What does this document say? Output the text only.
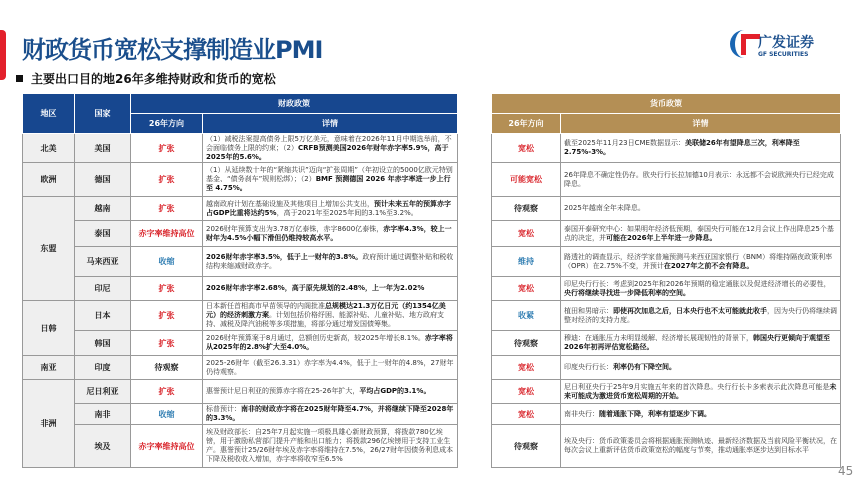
财政货币宽松支撑制造业PMI	广发证券
GF SECURITIES
主要出口目的地26年多维持财政和货币的宽松
地区	国家	财政政策	
		26年方向	详情
北美	美国	扩张	（1）减税法案提高债务上限5万亿美元，意味着在2026年11月中期选举前，不会面临债务上限的约束；（2）CRFB预测美国2026年财年赤字率5.9%，高于 2025年的5.6%。
欧洲	德国	扩张	（1）从延续数十年的“紧缩共识”迈向“扩张周期”（年初设立的5000亿欧元特别基金、“债务刹车”规则松绑）；（2）BMF 预测德国 2026 年赤字率进一步上行至 4.75%。
东盟	越南	扩张	越南政府计划在基础设施及其他项目上增加公共支出，预计未来五年的预算赤字占GDP比重将达约5%，高于2021年至2025年间的3.1%至3.2%。
	泰国	赤字率维持高位	2026财年预算支出为3.78万亿泰铢，赤字8600亿泰铢，赤字率4.3%，较上一财年为4.5%小幅下滑但仍维持较高水平。
	马来西亚	收缩	2026财年赤字率3.5%，低于上一财年的3.8%。政府预计通过调整补贴和税收结构来缩减财政赤字。
	印尼	扩张	2026财年赤字率2.68%，高于原先规划的2.48%，上一年为2.02%
日韩	日本	扩张	日本新任首相高市早苗领导的内阁批准总规模达21.3万亿日元（约1354亿美元）的经济刺激方案。计划包括价格纾困、能源补贴、儿童补贴、地方政府支持、减税及降汽油税等多项措施，将部分通过增发国债筹集。
	韩国	扩张	2026财年预算案于8月通过，总额创历史新高，较2025年增长8.1%。赤字率将从2025年的2.8%扩大至4.0%。
南亚	印度	待观察	2025-26财年（截至26.3.31）赤字率为4.4%，低于上一财年的4.8%，27财年仍待观察。
非洲	尼日利亚	扩张	惠誉预计尼日利亚的预算赤字将在25-26年扩大，平均占GDP的3.1%。
	南非	收缩	标普预计：南非的财政赤字将在2025财年降至4.7%，并将继续下降至2028年的3.3%。
	埃及	赤字率维持高位	埃及财政部长：自25年7月起实施一项极具雄心新财政预算，将拨款780亿埃镑，用于激励私营部门提升产能和出口能力；将拨款296亿埃镑用于支持工业生产。惠誉预计25/26财年埃及赤字率将维持在7.5%，26/27财年因债务利息成本下降及税收收入增加，赤字率将收窄至6.5%
货币政策	
26年方向	详情
宽松	截至2025年11月23日CME数据显示：美联储26年有望降息三次，利率降至2.75%-3%。
可能宽松	26年降息不确定性仍存。欧央行行长拉加德10月表示：永远都不会说欧洲央行已经完成降息。
待观察	2025年越南全年未降息。
宽松	泰国开泰研究中心：如果明年经济低预期，泰国央行可能在12月会议上作出降息25个基点的决定，并可能在2026年上半年进一步降息。
维持	路透社的调查显示，经济学家普遍预测马来西亚国家银行（BNM）将维持隔夜政策利率（OPR）在2.75%不变，并预计在2027年之前不会有降息。
宽松	印尼央行行长：考虑到2025年和2026年预期的稳定通胀以及促进经济增长的必要性，央行将继续寻找进一步降低利率的空间。
收紧	植田和男暗示：即使再次加息之后，日本央行也不太可能就此收手，因为央行仍将继续调整对经济的支持力度。
待观察	穆迪：在通胀压力未明显缓解、经济增长展现韧性的背景下，韩国央行更倾向于观望至2026年初再评估宽松路径。
宽松	印度央行行长：利率仍有下降空间。
宽松	尼日利亚央行于25年9月实施五年来的首次降息。央行行长卡多索表示此次降息可能是未来可能成为激进货币宽松周期的开始。
宽松	南非央行：随着通胀下降，利率有望逐步下调。
待观察	埃及央行：货币政策委员会将根据通胀预测轨迹、最新经济数据及当前风险平衡状况，在每次会议上重新评估货币政策宽松的幅度与节奏，推动通胀率逐步达到目标水平
45
